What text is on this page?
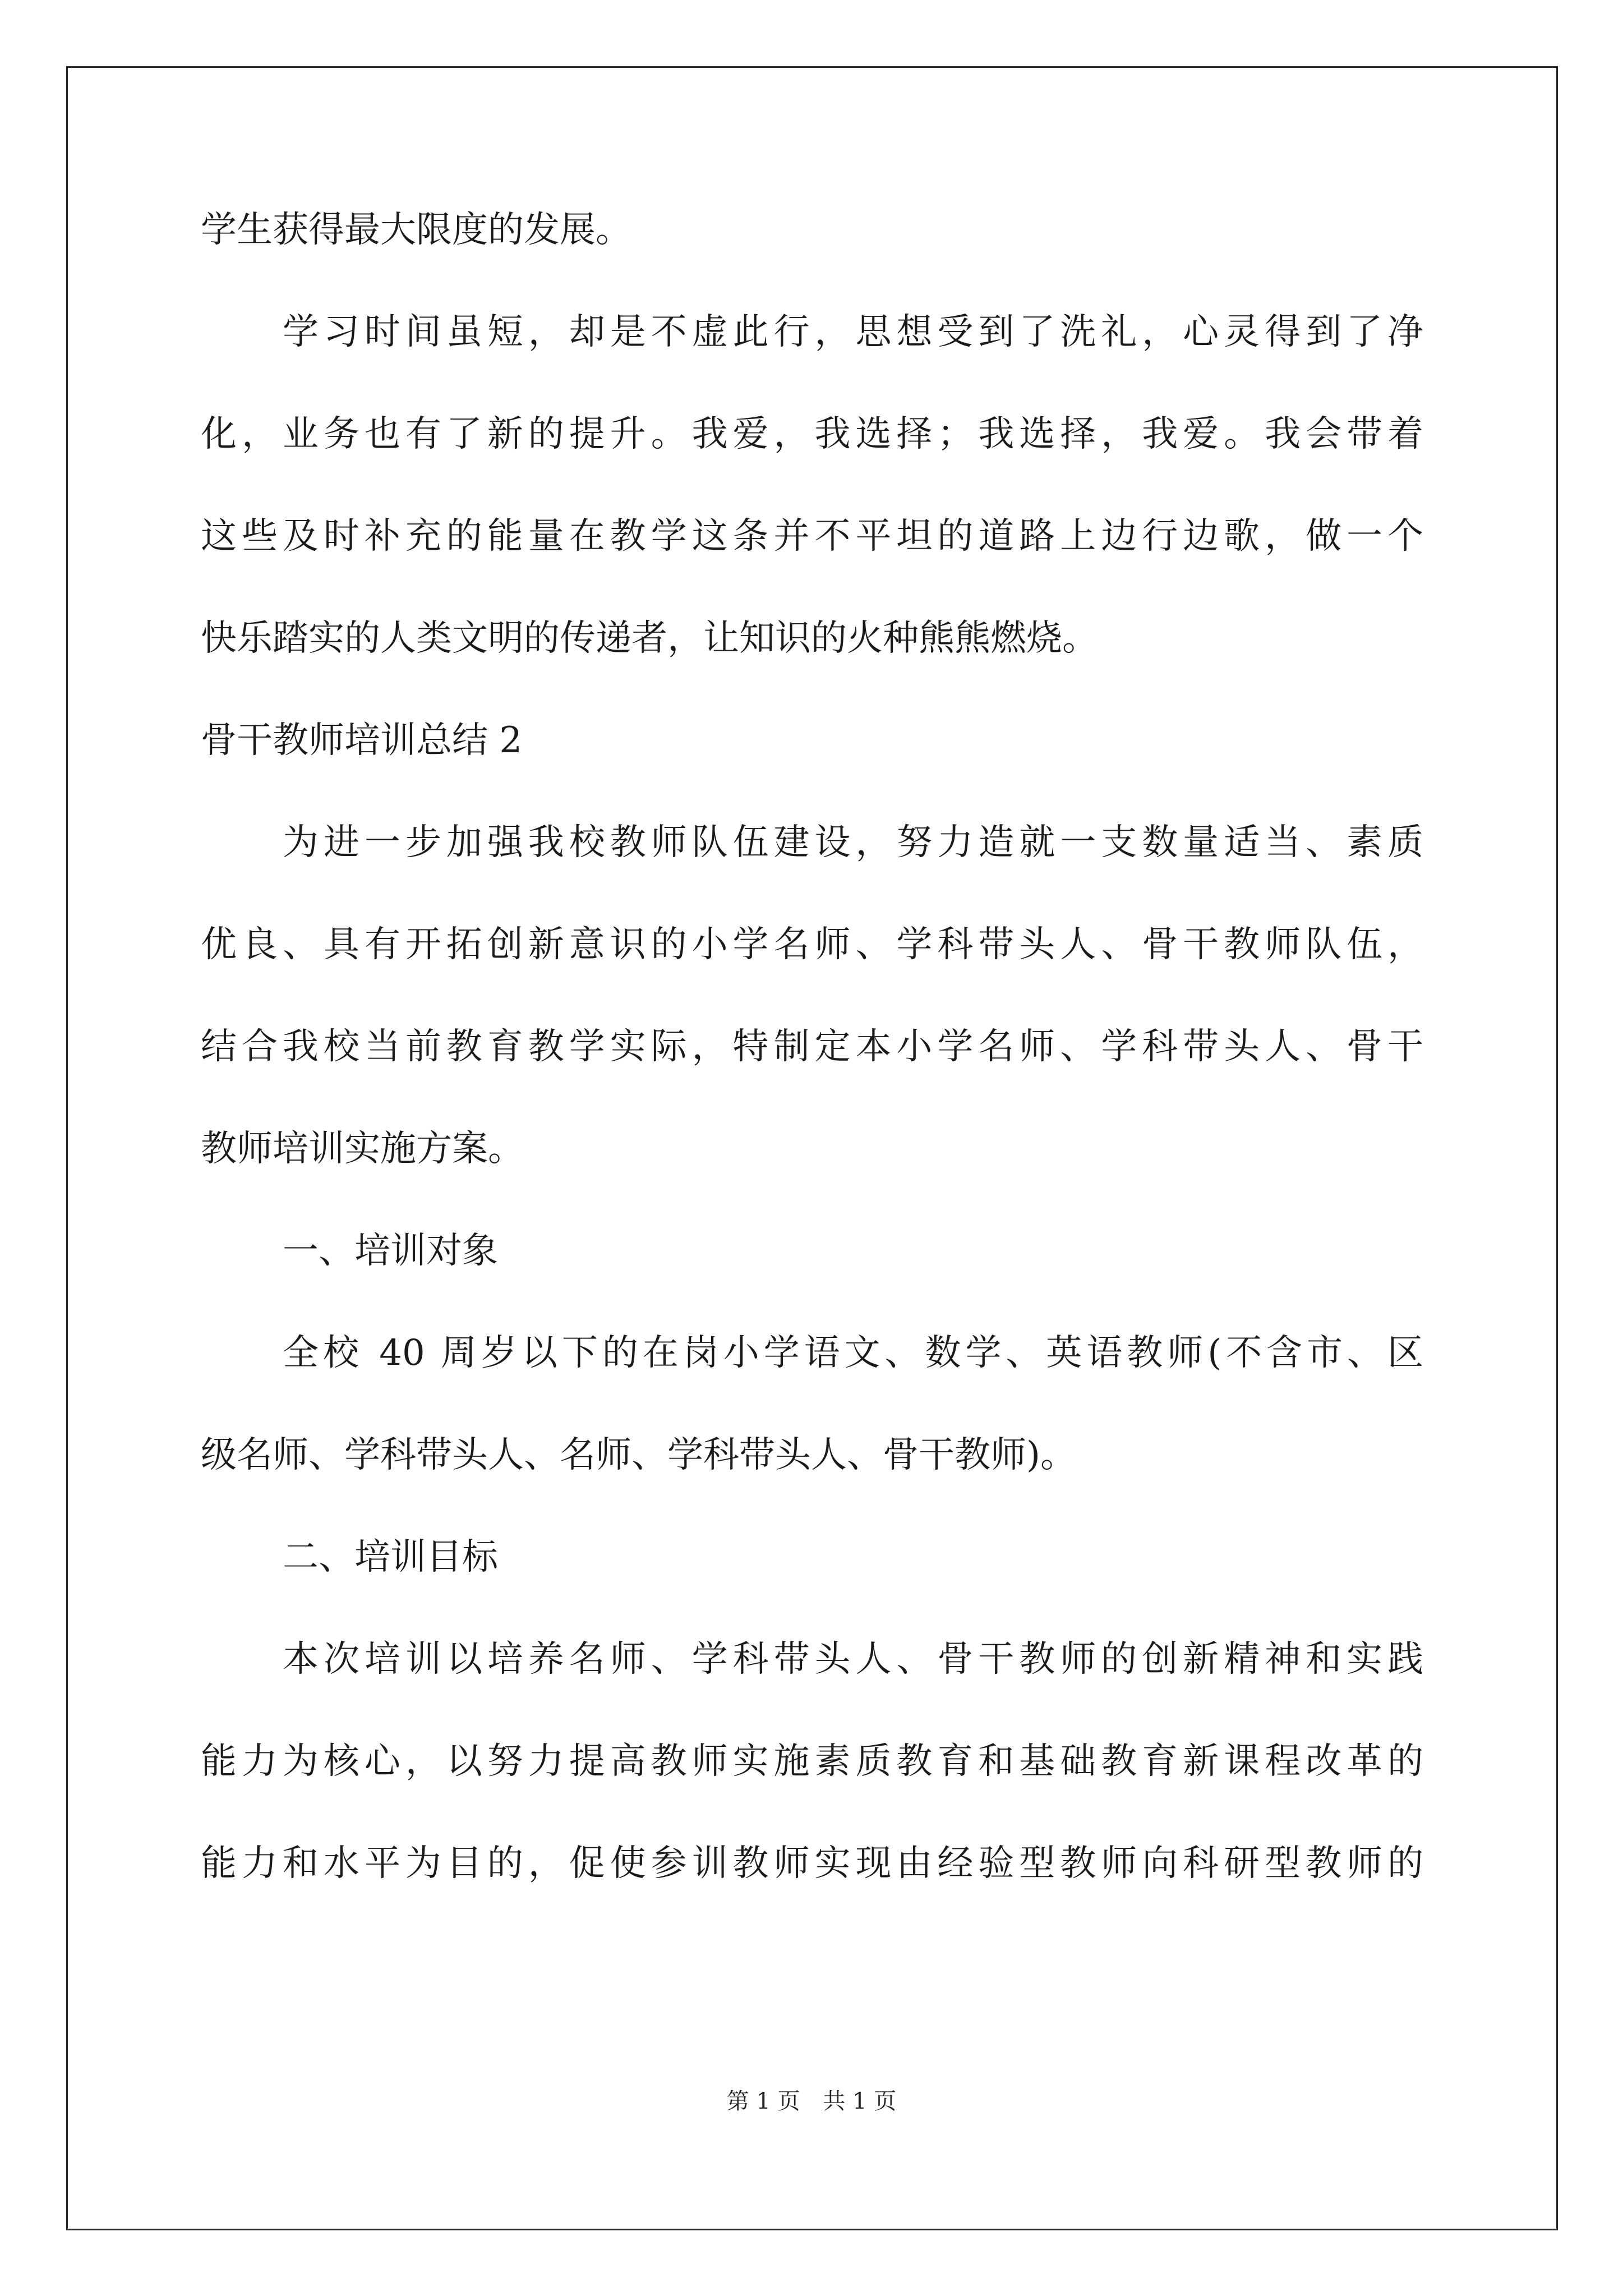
学生获得最大限度的发展。
学习时间虽短，却是不虚此行，思想受到了洗礼，心灵得到了净
化，业务也有了新的提升。我爱，我选择；我选择，我爱。我会带着
这些及时补充的能量在教学这条并不平坦的道路上边行边歌，做一个
快乐踏实的人类文明的传递者，让知识的火种熊熊燃烧。
骨干教师培训总结 2
为进一步加强我校教师队伍建设，努力造就一支数量适当、素质
优良、具有开拓创新意识的小学名师、学科带头人、骨干教师队伍，
结合我校当前教育教学实际，特制定本小学名师、学科带头人、骨干
教师培训实施方案。
一、培训对象
全校 40 周岁以下的在岗小学语文、数学、英语教师(不含市、区
级名师、学科带头人、名师、学科带头人、骨干教师)。
二、培训目标
本次培训以培养名师、学科带头人、骨干教师的创新精神和实践
能力为核心，以努力提高教师实施素质教育和基础教育新课程改革的
能力和水平为目的，促使参训教师实现由经验型教师向科研型教师的
第 1 页 共 1 页
